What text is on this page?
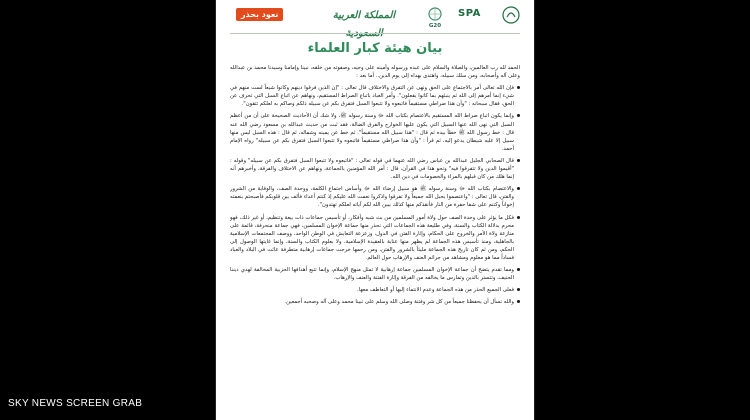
نعود بحذر	المملكة العربية
G20
SPA
بيان هيئة كبار العلماء

الحمد لله رب العالمين، والصلاة والسلام على عبده ورسوله وأمينه على وحيه، وصفوته من خلقه، نبينا وإمامنا وسيدنا محمد بن عبدالله وعلى آله وأصحابه، ومن سلك سبيله، واهتدى بهداه إلى يوم الدين.. أما بعد :

فإن الله تعالى أمر بالاجتماع على الحق ونهى عن التفرق والاختلاف قال تعالى : "إن الذين فرقوا دينهم وكانوا شيعاً لست منهم في شيء إنما أمرهم إلى الله ثم ينبئهم بما كانوا يفعلون". وأمر العباد باتباع الصراط المستقيم، ونهاهم عن اتباع السبل التي تحرف عن الحق، فقال سبحانه : "وأن هذا صراطي مستقيماً فاتبعوه ولا تتبعوا السبل فتفرق بكم عن سبيله ذلكم وصاكم به لعلكم تتقون".

وإنما يكون اتباع صراط الله المستقيم بالاعتصام بكتاب الله ﷻ وسنة رسوله ﷺ، ولا شك أن الأحاديث الصحيحة على أن من أعظم السبل التي نهى الله عنها السبيل التي يكون عليها الخوارج والفرق الضالة، فقد ثبت من حديث عبدالله بن مسعود رضي الله عنه قال : خط رسول الله ﷺ خطاً بيده ثم قال : "هذا سبيل الله مستقيماً". ثم خط عن يمينه وشماله، ثم قال : هذه السبل ليس منها سبيل إلا عليه شيطان يدعو إليه، ثم قرأ : "وأن هذا صراطي مستقيماً فاتبعوه ولا تتبعوا السبل فتفرق بكم عن سبيله" رواه الإمام أحمد.

قال الصحابي الجليل عبدالله بن عباس رضي الله عنهما في قوله تعالى : "فاتبعوه ولا تتبعوا السبل فتفرق بكم عن سبيله" وقوله : "أقيموا الدين ولا تتفرقوا فيه" ونحو هذا في القرآن، قال : أمر الله المؤمنين بالجماعة، ونهاهم عن الاختلاف والفرقة، وأخبرهم أنه إنما هلك من كان قبلهم بالمراء والخصومات في دين الله.

والاعتصام بكتاب الله ﷻ وسنة رسوله ﷺ هو سبيل إرضاء الله ﷻ وأساس اجتماع الكلمة، ووحدة الصف، والوقاية من الشرور والفتن، قال تعالى : "واعتصموا بحبل الله جميعاً ولا تفرقوا واذكروا نعمت الله عليكم إذ كنتم أعداء فألف بين قلوبكم فأصبحتم بنعمته إخواناً وكنتم على شفا حفرة من النار فأنقذكم منها كذلك يبين الله لكم آياته لعلكم تهتدون".

فكل ما يؤثر على وحدة الصف حول ولاة أمور المسلمين من بث شبه وأفكار، أو تأسيس جماعات ذات بيعة وتنظيم، أو غير ذلك، فهو محرم بدلالة الكتاب والسنة، وفي طليعة هذه الجماعات التي نحذر منها جماعة الإخوان المسلمين، فهي جماعة منحرفة، قائمة على منازعة ولاة الأمر والخروج على الحكام، وإثارة الفتن في الدول، وزعزعة التعايش في الوطن الواحد، ووصف المجتمعات الإسلامية بالجاهلية، ومنذ تأسيس هذه الجماعة لم يظهر منها عناية بالعقيدة الإسلامية، ولا بعلوم الكتاب والسنة، وإنما غايتها الوصول إلى الحكم، ومن ثم كان تاريخ هذه الجماعة مليئاً بالشرور والفتن، ومن رحمها خرجت جماعات إرهابية متطرفة عاثت في البلاد والعباد فساداً مما هو معلوم ومشاهد من جرائم العنف والإرهاب حول العالم.

ومما تقدم يتضح أن جماعة الإخوان المسلمين جماعة إرهابية لا تمثل منهج الإسلام، وإنما تتبع أهدافها الحزبية المخالفة لهدي ديننا الحنيف، وتتستر بالدين وتمارس ما يخالفه من الفرقة وإثارة الفتنة والعنف والإرهاب.

فعلى الجميع الحذر من هذه الجماعة وعدم الانتماء إليها أو التعاطف معها.

والله نسأل أن يحفظنا جميعاً من كل شر وفتنة وصلى الله وسلم على نبينا محمد وعلى آله وصحبه أجمعين.

SKY NEWS SCREEN GRAB
